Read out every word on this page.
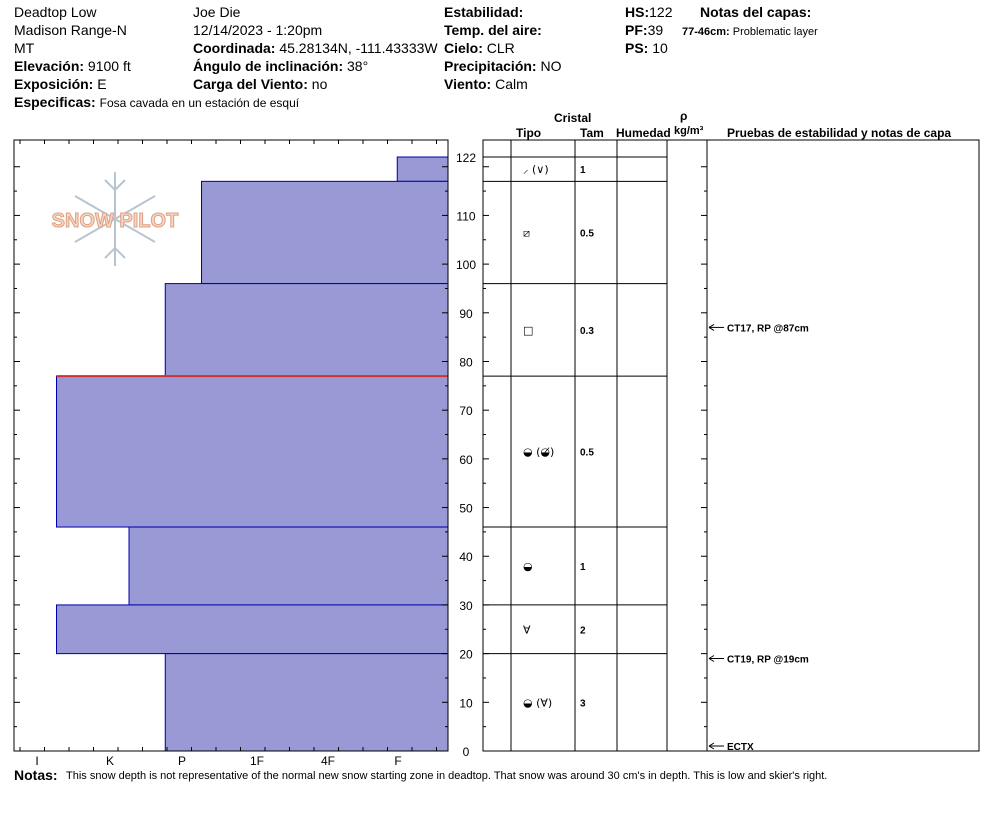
Deadtop Low
Madison Range-N
MT
Elevación: 9100 ft
Exposición: E
Especificas: Fosa cavada en un estación de esquí
Joe Die
12/14/2023 - 1:20pm
Coordinada: 45.28134N, -111.43333W
Ángulo de inclinación: 38°
Carga del Viento: no
Estabilidad:
Temp. del aire:
Cielo: CLR
Precipitación: NO
Viento: Calm
HS:122
PF:39
PS: 10
Notas del capas:
77-46cm: Problematic layer
Cristal
Tipo	Tam Humedad
ρ
kg/m³ Pruebas de estabilidad y notas de capa
SNOW PILOT
0
10
20
30
40
50
60
70
80
90
100
110
122
I	K	P	1F	4F	F
⸝ (∨)	1
⧄	0.5
□	0.3
◒ (◒̸)	0.5
◒	1
Ɐ	2
◒ (Ɐ)	3
CT17, RP @87cm
CT19, RP @19cm
ECTX
Notas: This snow depth is not representative of the normal new snow starting zone in deadtop. That snow was around 30 cm's in depth. This is low and skier's right.
